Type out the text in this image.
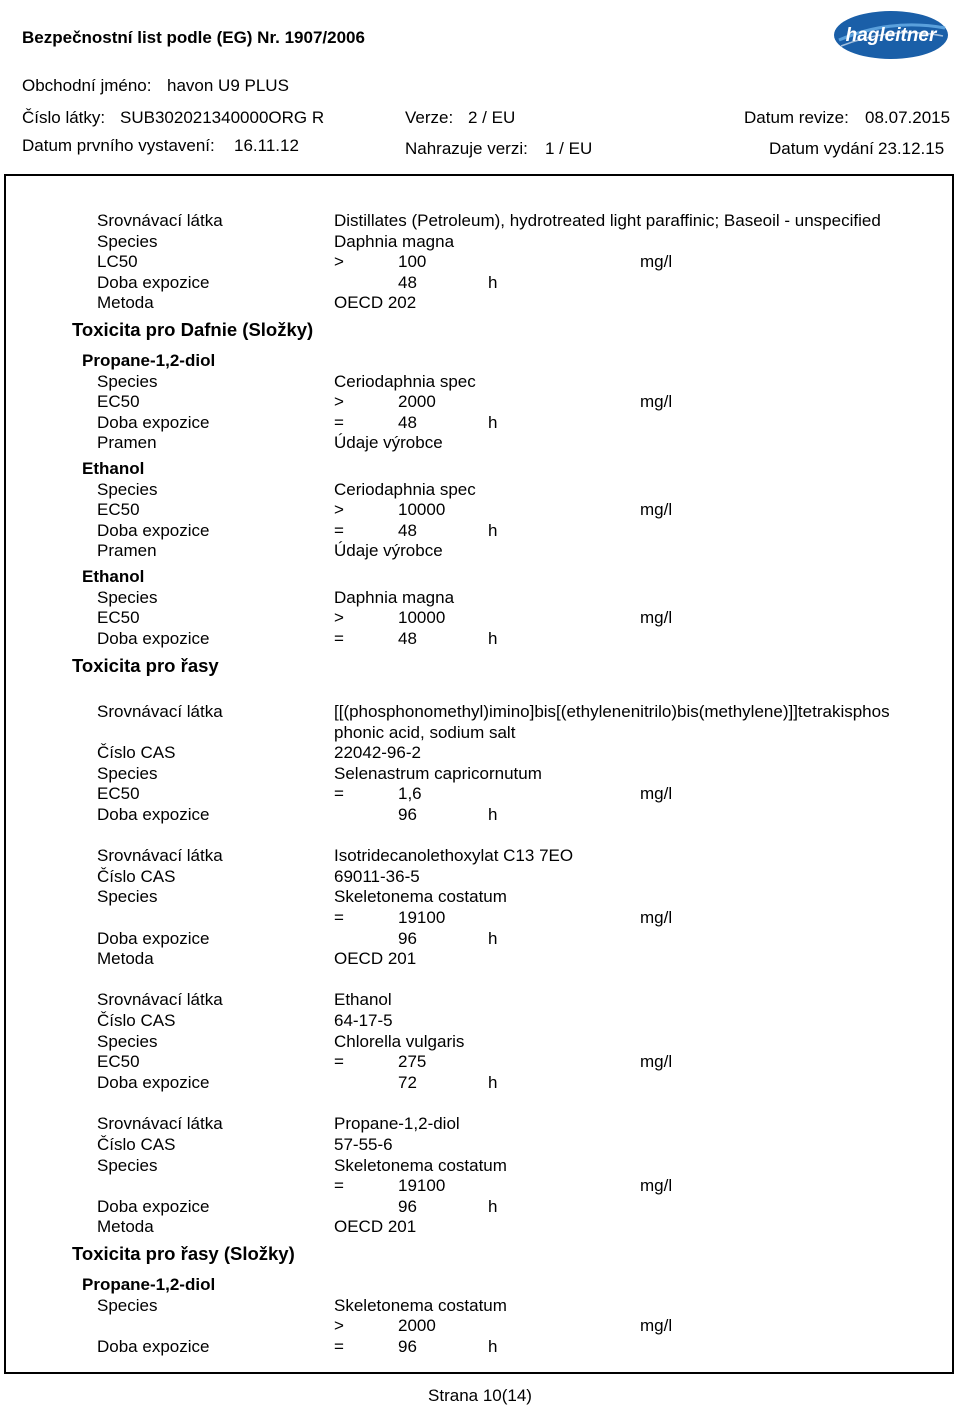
Bezpečnostní list podle (EG) Nr. 1907/2006	hagleitner
Obchodní jméno: havon U9 PLUS
Číslo látky: SUB302021340000ORG R	Verze: 2 / EU	Datum revize: 08.07.2015
Datum prvního vystavení: 16.11.12	Nahrazuje verzi: 1 / EU	Datum vydání 23.12.15
Srovnávací látka	Distillates (Petroleum), hydrotreated light paraffinic; Baseoil - unspecified
Species	Daphnia magna
LC50	>	100	mg/l
Doba expozice	48	h
Metoda	OECD 202
Toxicita pro Dafnie (Složky)
Propane-1,2-diol
Species	Ceriodaphnia spec
EC50	>	2000	mg/l
Doba expozice	=	48	h
Pramen	Údaje výrobce
Ethanol
Species	Ceriodaphnia spec
EC50	>	10000	mg/l
Doba expozice	=	48	h
Pramen	Údaje výrobce
Ethanol
Species	Daphnia magna
EC50	>	10000	mg/l
Doba expozice	=	48	h
Toxicita pro řasy
Srovnávací látka	[[(phosphonomethyl)imino]bis[(ethylenenitrilo)bis(methylene)]]tetrakisphos phonic acid, sodium salt
Číslo CAS	22042-96-2
Species	Selenastrum capricornutum
EC50	=	1,6	mg/l
Doba expozice	96	h
Srovnávací látka	Isotridecanolethoxylat C13 7EO
Číslo CAS	69011-36-5
Species	Skeletonema costatum
=	19100	mg/l
Doba expozice	96	h
Metoda	OECD 201
Srovnávací látka	Ethanol
Číslo CAS	64-17-5
Species	Chlorella vulgaris
EC50	=	275	mg/l
Doba expozice	72	h
Srovnávací látka	Propane-1,2-diol
Číslo CAS	57-55-6
Species	Skeletonema costatum
=	19100	mg/l
Doba expozice	96	h
Metoda	OECD 201
Toxicita pro řasy (Složky)
Propane-1,2-diol
Species	Skeletonema costatum
>	2000	mg/l
Doba expozice	=	96	h
Strana 10(14)
